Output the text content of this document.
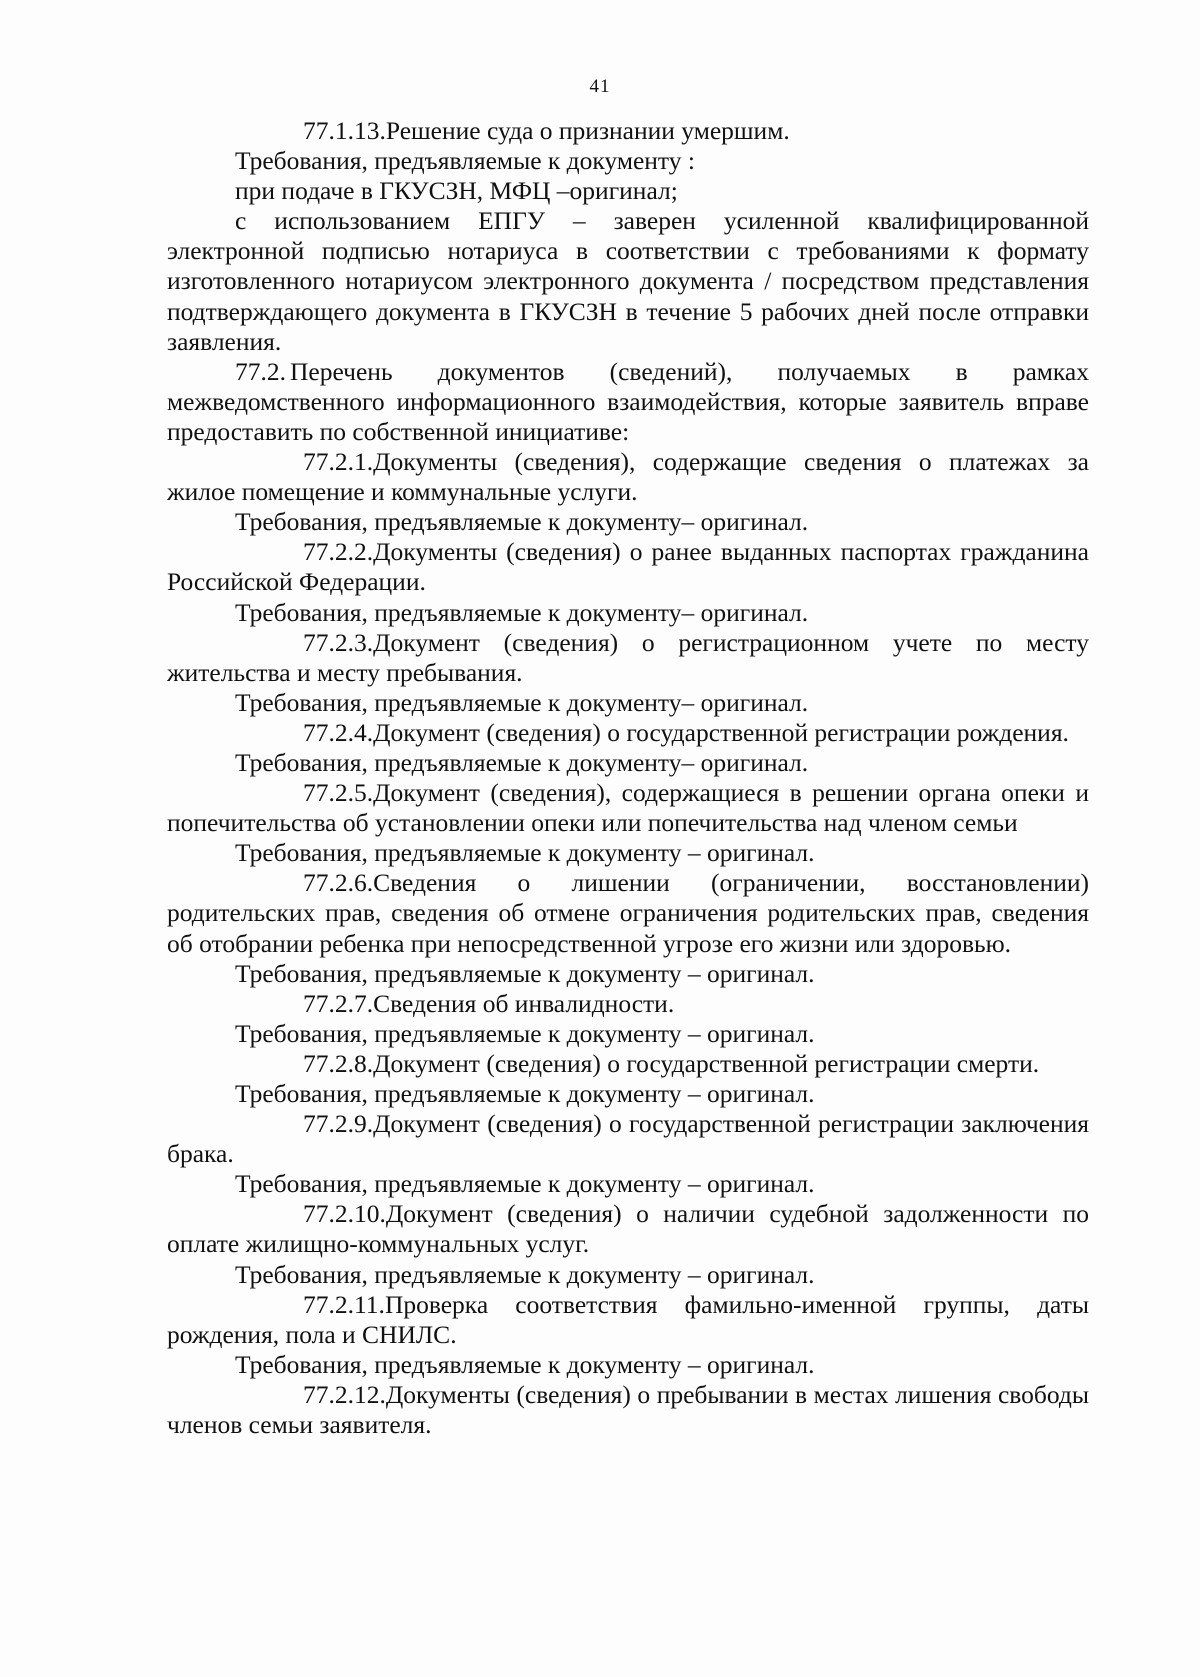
41

77.1.13.Решение суда о признании умершим.

Требования, предъявляемые к документу :

при подаче в ГКУСЗН, МФЦ –оригинал;

с использованием ЕПГУ – заверен усиленной квалифицированной электронной подписью нотариуса в соответствии с требованиями к формату изготовленного нотариусом электронного документа / посредством представления подтверждающего документа в ГКУСЗН в течение 5 рабочих дней после отправки заявления.

77.2. Перечень документов (сведений), получаемых в рамках межведомственного информационного взаимодействия, которые заявитель вправе предоставить по собственной инициативе:

77.2.1.Документы (сведения), содержащие сведения о платежах за жилое помещение и коммунальные услуги.

Требования, предъявляемые к документу– оригинал.

77.2.2.Документы (сведения) о ранее выданных паспортах гражданина Российской Федерации.

Требования, предъявляемые к документу– оригинал.

77.2.3.Документ (сведения) о регистрационном учете по месту жительства и месту пребывания.

Требования, предъявляемые к документу– оригинал.

77.2.4.Документ (сведения) о государственной регистрации рождения.

Требования, предъявляемые к документу– оригинал.

77.2.5.Документ (сведения), содержащиеся в решении органа опеки и попечительства об установлении опеки или попечительства над членом семьи

Требования, предъявляемые к документу – оригинал.

77.2.6.Сведения о лишении (ограничении, восстановлении) родительских прав, сведения об отмене ограничения родительских прав, сведения об отобрании ребенка при непосредственной угрозе его жизни или здоровью.

Требования, предъявляемые к документу – оригинал.

77.2.7.Сведения об инвалидности.

Требования, предъявляемые к документу – оригинал.

77.2.8.Документ (сведения) о государственной регистрации смерти.

Требования, предъявляемые к документу – оригинал.

77.2.9.Документ (сведения) о государственной регистрации заключения брака.

Требования, предъявляемые к документу – оригинал.

77.2.10.Документ (сведения) о наличии судебной задолженности по оплате жилищно-коммунальных услуг.

Требования, предъявляемые к документу – оригинал.

77.2.11.Проверка соответствия фамильно-именной группы, даты рождения, пола и СНИЛС.

Требования, предъявляемые к документу – оригинал.

77.2.12.Документы (сведения) о пребывании в местах лишения свободы членов семьи заявителя.
